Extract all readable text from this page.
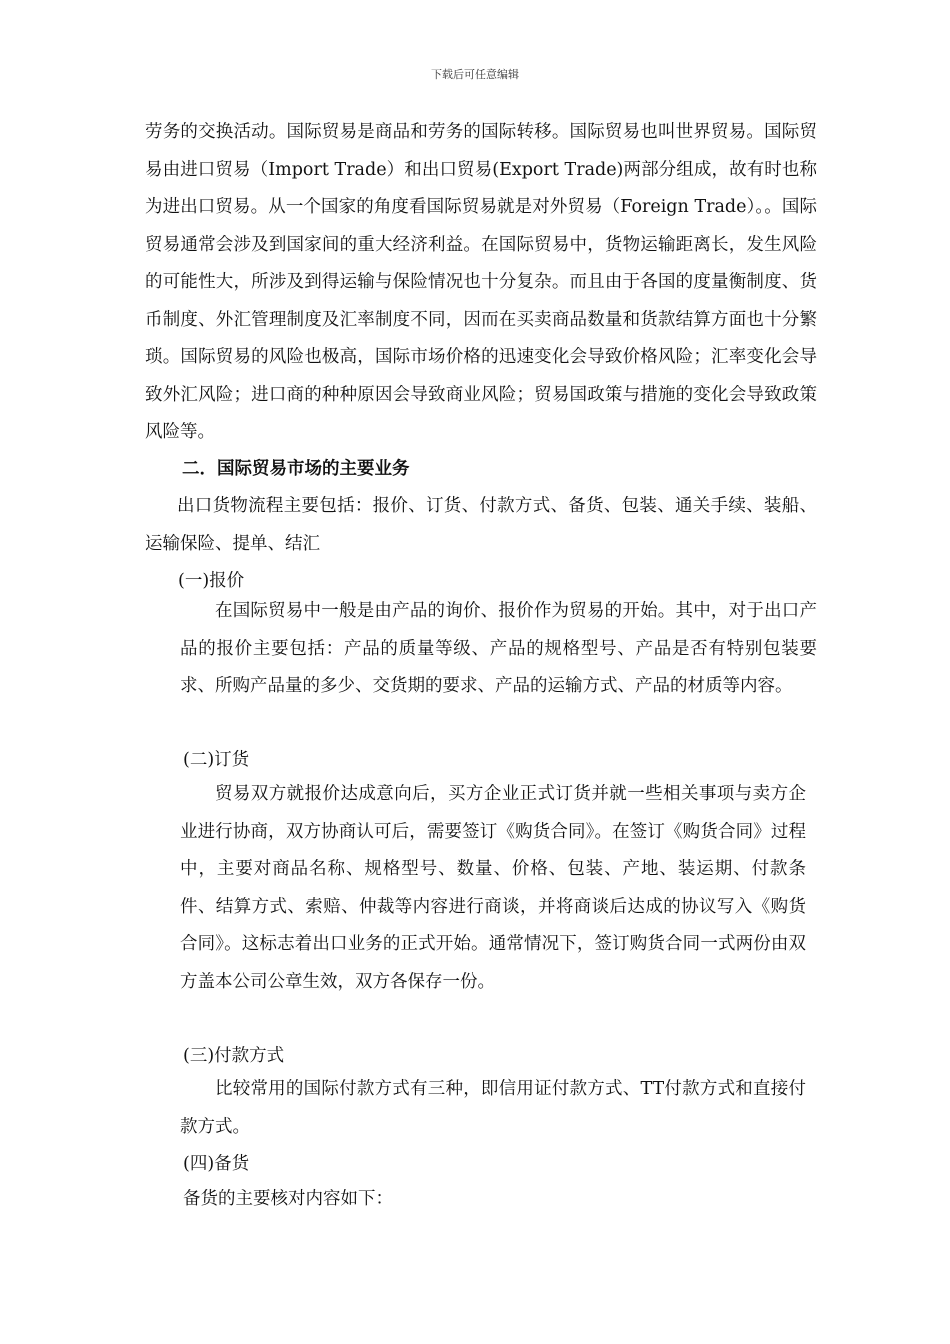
下载后可任意编辑
劳务的交换活动。国际贸易是商品和劳务的国际转移。国际贸易也叫世界贸易。国际贸易由进口贸易（Import Trade）和出口贸易(Export Trade)两部分组成，故有时也称为进出口贸易。从一个国家的角度看国际贸易就是对外贸易（Foreign Trade）。。国际贸易通常会涉及到国家间的重大经济利益。在国际贸易中，货物运输距离长，发生风险的可能性大，所涉及到得运输与保险情况也十分复杂。而且由于各国的度量衡制度、货币制度、外汇管理制度及汇率制度不同，因而在买卖商品数量和货款结算方面也十分繁琐。国际贸易的风险也极高，国际市场价格的迅速变化会导致价格风险；汇率变化会导致外汇风险；进口商的种种原因会导致商业风险；贸易国政策与措施的变化会导致政策风险等。
二．国际贸易市场的主要业务
出口货物流程主要包括：报价、订货、付款方式、备货、包装、通关手续、装船、运输保险、提单、结汇
(一)报价
在国际贸易中一般是由产品的询价、报价作为贸易的开始。其中，对于出口产品的报价主要包括：产品的质量等级、产品的规格型号、产品是否有特别包装要求、所购产品量的多少、交货期的要求、产品的运输方式、产品的材质等内容。
(二)订货
贸易双方就报价达成意向后，买方企业正式订货并就一些相关事项与卖方企业进行协商，双方协商认可后，需要签订《购货合同》。在签订《购货合同》过程中，主要对商品名称、规格型号、数量、价格、包装、产地、装运期、付款条件、结算方式、索赔、仲裁等内容进行商谈，并将商谈后达成的协议写入《购货合同》。这标志着出口业务的正式开始。通常情况下，签订购货合同一式两份由双方盖本公司公章生效，双方各保存一份。
(三)付款方式
比较常用的国际付款方式有三种，即信用证付款方式、TT付款方式和直接付款方式。
(四)备货
备货的主要核对内容如下：
